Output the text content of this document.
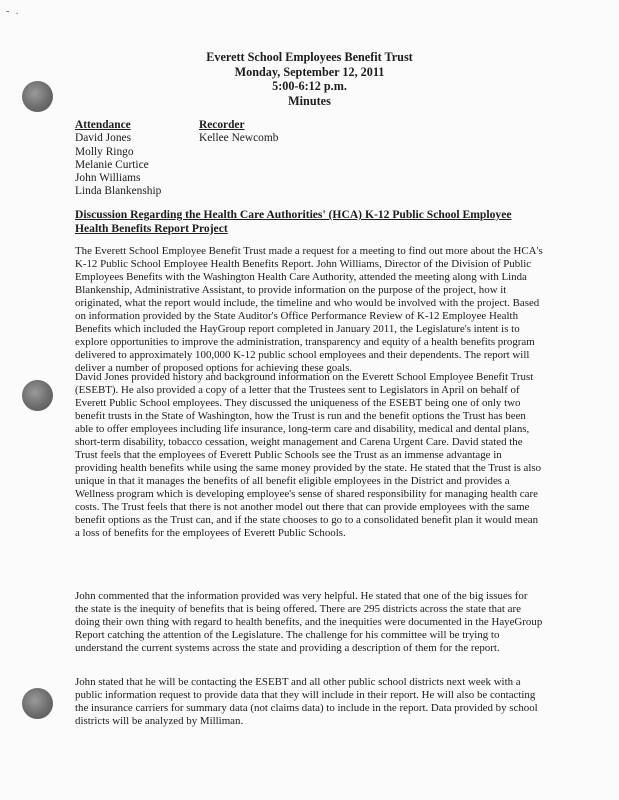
- .
Everett School Employees Benefit Trust
Monday, September 12, 2011
5:00-6:12 p.m.
Minutes
Attendance
David Jones
Molly Ringo
Melanie Curtice
John Williams
Linda Blankenship
Recorder
Kellee Newcomb
Discussion Regarding the Health Care Authorities' (HCA) K-12 Public School Employee Health Benefits Report Project

The Everett School Employee Benefit Trust made a request for a meeting to find out more about the HCA's K-12 Public School Employee Health Benefits Report. John Williams, Director of the Division of Public Employees Benefits with the Washington Health Care Authority, attended the meeting along with Linda Blankenship, Administrative Assistant, to provide information on the purpose of the project, how it originated, what the report would include, the timeline and who would be involved with the project. Based on information provided by the State Auditor's Office Performance Review of K-12 Employee Health Benefits which included the HayGroup report completed in January 2011, the Legislature's intent is to explore opportunities to improve the administration, transparency and equity of a health benefits program delivered to approximately 100,000 K-12 public school employees and their dependents. The report will deliver a number of proposed options for achieving these goals.

David Jones provided history and background information on the Everett School Employee Benefit Trust (ESEBT). He also provided a copy of a letter that the Trustees sent to Legislators in April on behalf of Everett Public School employees. They discussed the uniqueness of the ESEBT being one of only two benefit trusts in the State of Washington, how the Trust is run and the benefit options the Trust has been able to offer employees including life insurance, long-term care and disability, medical and dental plans, short-term disability, tobacco cessation, weight management and Carena Urgent Care. David stated the Trust feels that the employees of Everett Public Schools see the Trust as an immense advantage in providing health benefits while using the same money provided by the state. He stated that the Trust is also unique in that it manages the benefits of all benefit eligible employees in the District and provides a Wellness program which is developing employee's sense of shared responsibility for managing health care costs. The Trust feels that there is not another model out there that can provide employees with the same benefit options as the Trust can, and if the state chooses to go to a consolidated benefit plan it would mean a loss of benefits for the employees of Everett Public Schools.

John commented that the information provided was very helpful. He stated that one of the big issues for the state is the inequity of benefits that is being offered. There are 295 districts across the state that are doing their own thing with regard to health benefits, and the inequities were documented in the HayeGroup Report catching the attention of the Legislature. The challenge for his committee will be trying to understand the current systems across the state and providing a description of them for the report.

John stated that he will be contacting the ESEBT and all other public school districts next week with a public information request to provide data that they will include in their report. He will also be contacting the insurance carriers for summary data (not claims data) to include in the report. Data provided by school districts will be analyzed by Milliman.
